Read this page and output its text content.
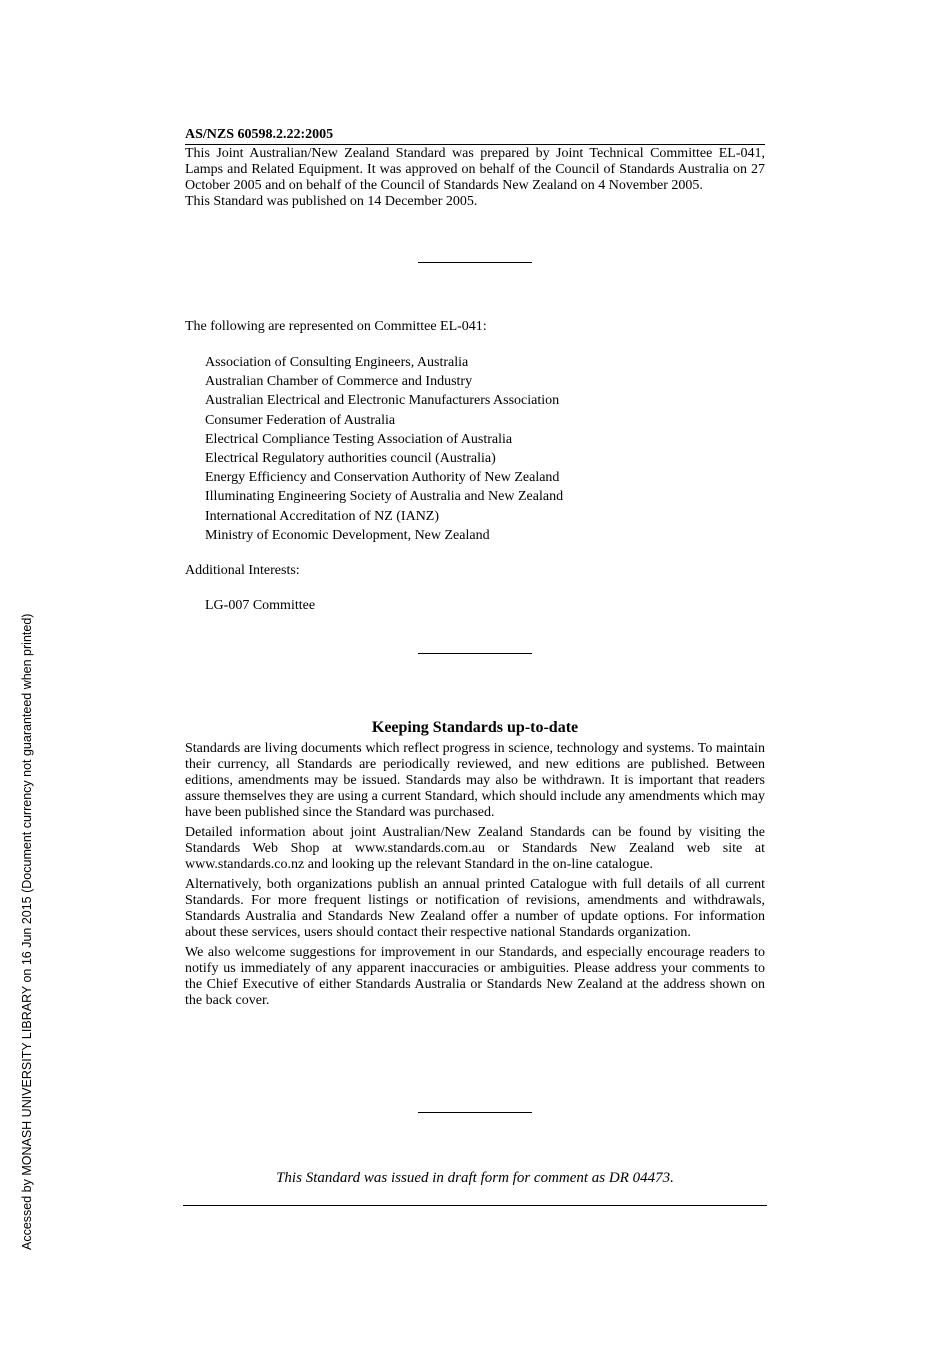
Accessed by MONASH UNIVERSITY LIBRARY on 16 Jun 2015 (Document currency not guaranteed when printed)
AS/NZS 60598.2.22:2005
This Joint Australian/New Zealand Standard was prepared by Joint Technical Committee EL-041, Lamps and Related Equipment. It was approved on behalf of the Council of Standards Australia on 27 October 2005 and on behalf of the Council of Standards New Zealand on 4 November 2005.
This Standard was published on 14 December 2005.
The following are represented on Committee EL-041:
Association of Consulting Engineers, Australia
Australian Chamber of Commerce and Industry
Australian Electrical and Electronic Manufacturers Association
Consumer Federation of Australia
Electrical Compliance Testing Association of Australia
Electrical Regulatory authorities council (Australia)
Energy Efficiency and Conservation Authority of New Zealand
Illuminating Engineering Society of Australia and New Zealand
International Accreditation of NZ (IANZ)
Ministry of Economic Development, New Zealand
Additional Interests:
LG-007 Committee
Keeping Standards up-to-date

Standards are living documents which reflect progress in science, technology and systems. To maintain their currency, all Standards are periodically reviewed, and new editions are published. Between editions, amendments may be issued. Standards may also be withdrawn. It is important that readers assure themselves they are using a current Standard, which should include any amendments which may have been published since the Standard was purchased.

Detailed information about joint Australian/New Zealand Standards can be found by visiting the Standards Web Shop at www.standards.com.au or Standards New Zealand web site at www.standards.co.nz and looking up the relevant Standard in the on-line catalogue.

Alternatively, both organizations publish an annual printed Catalogue with full details of all current Standards. For more frequent listings or notification of revisions, amendments and withdrawals, Standards Australia and Standards New Zealand offer a number of update options. For information about these services, users should contact their respective national Standards organization.

We also welcome suggestions for improvement in our Standards, and especially encourage readers to notify us immediately of any apparent inaccuracies or ambiguities. Please address your comments to the Chief Executive of either Standards Australia or Standards New Zealand at the address shown on the back cover.

This Standard was issued in draft form for comment as DR 04473.
